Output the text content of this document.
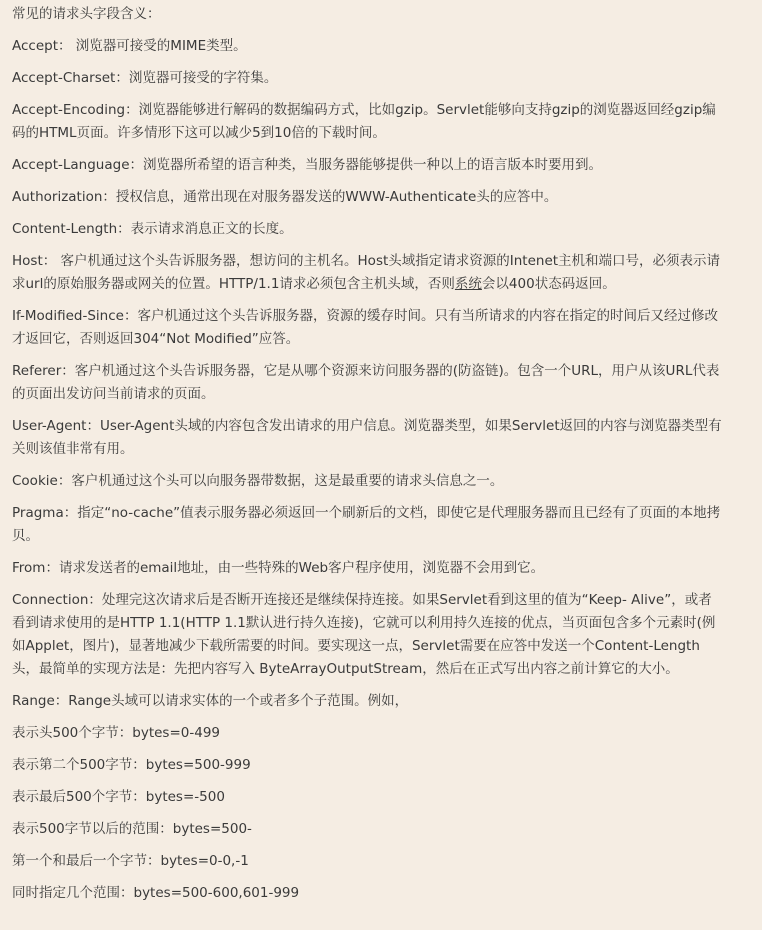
常见的请求头字段含义：

Accept： 浏览器可接受的MIME类型。

Accept-Charset：浏览器可接受的字符集。

Accept-Encoding：浏览器能够进行解码的数据编码方式，比如gzip。Servlet能够向支持gzip的浏览器返回经gzip编码的HTML页面。许多情形下这可以减少5到10倍的下载时间。

Accept-Language：浏览器所希望的语言种类，当服务器能够提供一种以上的语言版本时要用到。

Authorization：授权信息，通常出现在对服务器发送的WWW-Authenticate头的应答中。

Content-Length：表示请求消息正文的长度。

Host： 客户机通过这个头告诉服务器，想访问的主机名。Host头域指定请求资源的Intenet主机和端口号，必须表示请求url的原始服务器或网关的位置。HTTP/1.1请求必须包含主机头域，否则系统会以400状态码返回。

If-Modified-Since：客户机通过这个头告诉服务器，资源的缓存时间。只有当所请求的内容在指定的时间后又经过修改才返回它，否则返回304“Not Modified”应答。

Referer：客户机通过这个头告诉服务器，它是从哪个资源来访问服务器的(防盗链)。包含一个URL，用户从该URL代表的页面出发访问当前请求的页面。

User-Agent：User-Agent头域的内容包含发出请求的用户信息。浏览器类型，如果Servlet返回的内容与浏览器类型有关则该值非常有用。

Cookie：客户机通过这个头可以向服务器带数据，这是最重要的请求头信息之一。

Pragma：指定“no-cache”值表示服务器必须返回一个刷新后的文档，即使它是代理服务器而且已经有了页面的本地拷贝。

From：请求发送者的email地址，由一些特殊的Web客户程序使用，浏览器不会用到它。

Connection：处理完这次请求后是否断开连接还是继续保持连接。如果Servlet看到这里的值为“Keep- Alive”，或者看到请求使用的是HTTP 1.1(HTTP 1.1默认进行持久连接)，它就可以利用持久连接的优点，当页面包含多个元素时(例如Applet，图片)，显著地减少下载所需要的时间。要实现这一点，Servlet需要在应答中发送一个Content-Length头，最简单的实现方法是：先把内容写入 ByteArrayOutputStream，然后在正式写出内容之前计算它的大小。

Range：Range头域可以请求实体的一个或者多个子范围。例如，

表示头500个字节：bytes=0-499

表示第二个500字节：bytes=500-999

表示最后500个字节：bytes=-500

表示500字节以后的范围：bytes=500-

第一个和最后一个字节：bytes=0-0,-1

同时指定几个范围：bytes=500-600,601-999
